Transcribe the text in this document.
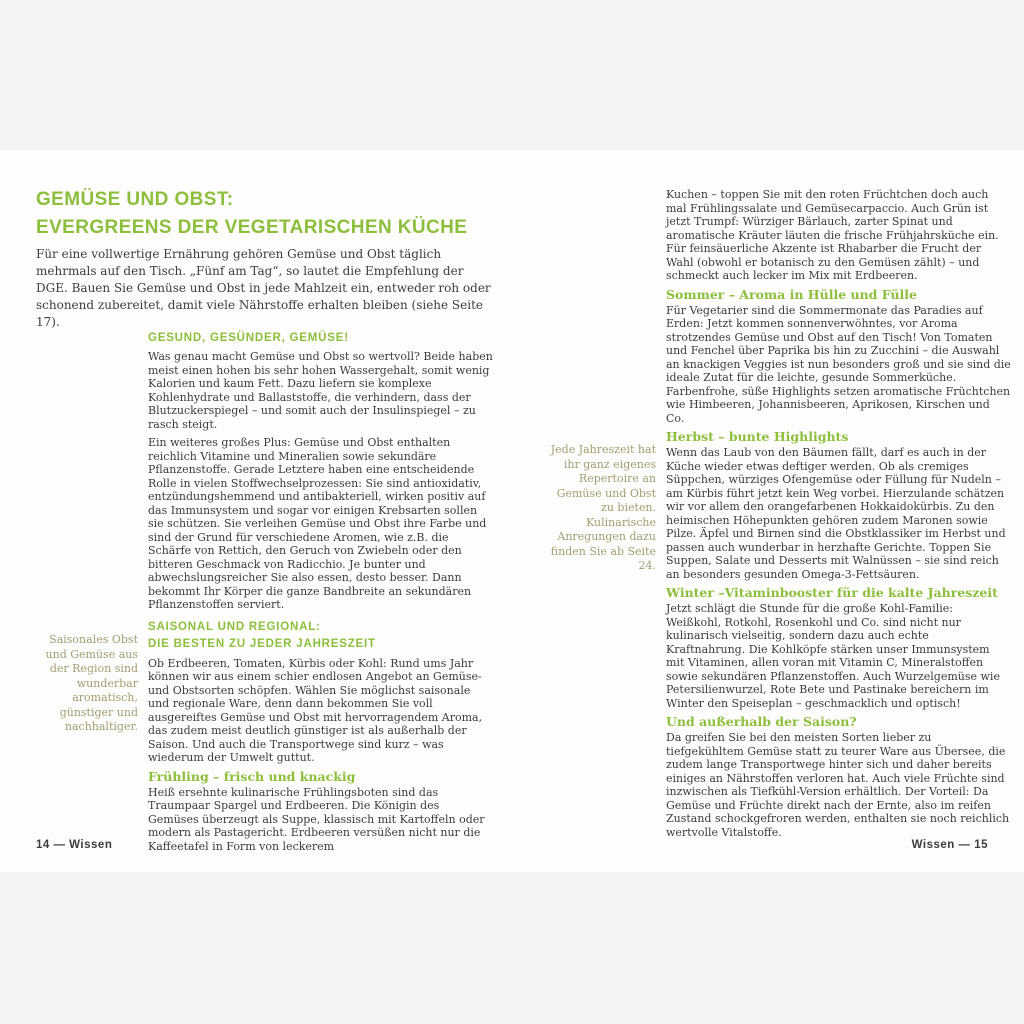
GEMÜSE UND OBST:
EVERGREENS DER VEGETARISCHEN KÜCHE
Für eine vollwertige Ernährung gehören Gemüse und Obst täglich mehrmals auf den Tisch. „Fünf am Tag“, so lautet die Empfehlung der DGE. Bauen Sie Gemüse und Obst in jede Mahlzeit ein, entweder roh oder schonend zubereitet, damit viele Nährstoffe erhalten bleiben (siehe Seite 17).
GESUND, GESÜNDER, GEMÜSE!

Was genau macht Gemüse und Obst so wertvoll? Beide haben meist einen hohen bis sehr hohen Wassergehalt, somit wenig Kalorien und kaum Fett. Dazu liefern sie komplexe Kohlenhydrate und Ballaststoffe, die verhindern, dass der Blutzuckerspiegel – und somit auch der Insulinspiegel – zu rasch steigt.

Ein weiteres großes Plus: Gemüse und Obst enthalten reichlich Vitamine und Mineralien sowie sekundäre Pflanzenstoffe. Gerade Letztere haben eine entscheidende Rolle in vielen Stoffwechselprozessen: Sie sind antioxidativ, entzündungshemmend und antibakteriell, wirken positiv auf das Immunsystem und sogar vor einigen Krebsarten sollen sie schützen. Sie verleihen Gemüse und Obst ihre Farbe und sind der Grund für verschiedene Aromen, wie z.B. die Schärfe von Rettich, den Geruch von Zwiebeln oder den bitteren Geschmack von Radicchio. Je bunter und abwechslungsreicher Sie also essen, desto besser. Dann bekommt Ihr Körper die ganze Bandbreite an sekundären Pflanzenstoffen serviert.

SAISONAL UND REGIONAL:
DIE BESTEN ZU JEDER JAHRESZEIT

Ob Erdbeeren, Tomaten, Kürbis oder Kohl: Rund ums Jahr können wir aus einem schier endlosen Angebot an Gemüse- und Obstsorten schöpfen. Wählen Sie möglichst saisonale und regionale Ware, denn dann bekommen Sie voll ausgereiftes Gemüse und Obst mit hervorragendem Aroma, das zudem meist deutlich günstiger ist als außerhalb der Saison. Und auch die Transportwege sind kurz – was wiederum der Umwelt guttut.

Frühling – frisch und knackig

Heiß ersehnte kulinarische Frühlingsboten sind das Traumpaar Spargel und Erdbeeren. Die Königin des Gemüses überzeugt als Suppe, klassisch mit Kartoffeln oder modern als Pastagericht. Erdbeeren versüßen nicht nur die Kaffeetafel in Form von leckerem

Saisonales Obst und Gemüse aus der Region sind wunderbar aromatisch, günstiger und nachhaltiger.
14 — Wissen

Kuchen – toppen Sie mit den roten Früchtchen doch auch mal Frühlingssalate und Gemüsecarpaccio. Auch Grün ist jetzt Trumpf: Würziger Bärlauch, zarter Spinat und aromatische Kräuter läuten die frische Frühjahrsküche ein. Für feinsäuerliche Akzente ist Rhabarber die Frucht der Wahl (obwohl er botanisch zu den Gemüsen zählt) – und schmeckt auch lecker im Mix mit Erdbeeren.

Sommer – Aroma in Hülle und Fülle

Für Vegetarier sind die Sommermonate das Paradies auf Erden: Jetzt kommen sonnenverwöhntes, vor Aroma strotzendes Gemüse und Obst auf den Tisch! Von Tomaten und Fenchel über Paprika bis hin zu Zucchini – die Auswahl an knackigen Veggies ist nun besonders groß und sie sind die ideale Zutat für die leichte, gesunde Sommerküche. Farbenfrohe, süße Highlights setzen aromatische Früchtchen wie Himbeeren, Johannisbeeren, Aprikosen, Kirschen und Co.

Herbst – bunte Highlights

Wenn das Laub von den Bäumen fällt, darf es auch in der Küche wieder etwas deftiger werden. Ob als cremiges Süppchen, würziges Ofengemüse oder Füllung für Nudeln – am Kürbis führt jetzt kein Weg vorbei. Hierzulande schätzen wir vor allem den orangefarbenen Hokkaidokürbis. Zu den heimischen Höhepunkten gehören zudem Maronen sowie Pilze. Äpfel und Birnen sind die Obstklassiker im Herbst und passen auch wunderbar in herzhafte Gerichte. Toppen Sie Suppen, Salate und Desserts mit Walnüssen – sie sind reich an besonders gesunden Omega-3-Fettsäuren.

Winter –Vitaminbooster für die kalte Jahreszeit

Jetzt schlägt die Stunde für die große Kohl-Familie: Weißkohl, Rotkohl, Rosenkohl und Co. sind nicht nur kulinarisch vielseitig, sondern dazu auch echte Kraftnahrung. Die Kohlköpfe stärken unser Immunsystem mit Vitaminen, allen voran mit Vitamin C, Mineralstoffen sowie sekundären Pflanzenstoffen. Auch Wurzelgemüse wie Petersilienwurzel, Rote Bete und Pastinake bereichern im Winter den Speiseplan – geschmacklich und optisch!

Und außerhalb der Saison?

Da greifen Sie bei den meisten Sorten lieber zu tiefgekühltem Gemüse statt zu teurer Ware aus Übersee, die zudem lange Transportwege hinter sich und daher bereits einiges an Nährstoffen verloren hat. Auch viele Früchte sind inzwischen als Tiefkühl-Version erhältlich. Der Vorteil: Da Gemüse und Früchte direkt nach der Ernte, also im reifen Zustand schockgefroren werden, enthalten sie noch reichlich wertvolle Vitalstoffe.

Jede Jahreszeit hat ihr ganz eigenes Repertoire an Gemüse und Obst zu bieten. Kulinarische Anregungen dazu finden Sie ab Seite 24.
Wissen — 15
